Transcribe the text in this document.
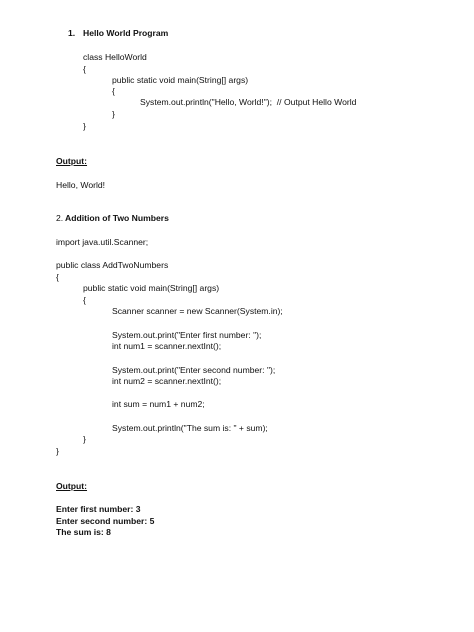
1. Hello World Program
class HelloWorld
{
public static void main(String[] args)
{
System.out.println("Hello, World!");  // Output Hello World
}
}
Output:
Hello, World!
2. Addition of Two Numbers
import java.util.Scanner;
public class AddTwoNumbers
{
public static void main(String[] args)
{
Scanner scanner = new Scanner(System.in);
System.out.print("Enter first number: ");
int num1 = scanner.nextInt();
System.out.print("Enter second number: ");
int num2 = scanner.nextInt();
int sum = num1 + num2;
System.out.println("The sum is: " + sum);
}
}
Output:
Enter first number: 3
Enter second number: 5
The sum is: 8
